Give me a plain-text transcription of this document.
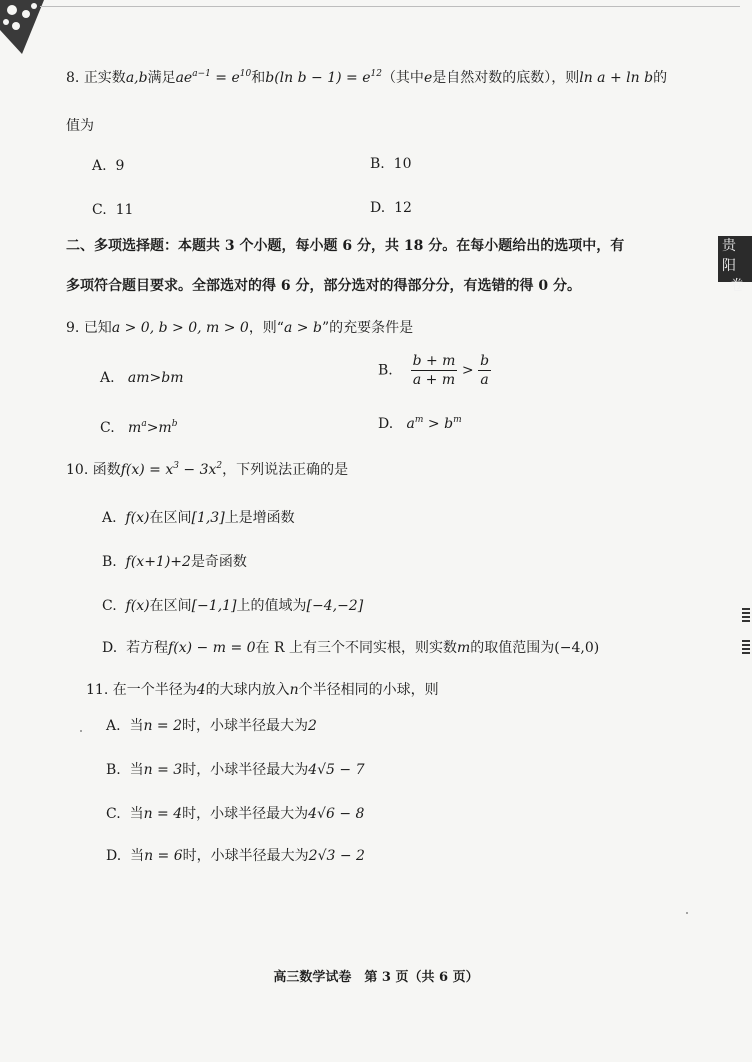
贵阳
卷
8. 正实数a,b满足$ae^{a-1} = e^{10}$和b(ln $b - 1) = e^{12}$（其中e是自然对数的底数），则ln a + ln b的
值为
A. 9	B. 10
C. 11	D. 12
二、多项选择题：本题共 3 个小题，每小题 6 分，共 18 分。在每小题给出的选项中，有
多项符合题目要求。全部选对的得 6 分，部分选对的得部分分，有选错的得 0 分。
9. 已知a > 0, b > 0, m > 0，则“a > b”的充要条件是
A. am>bm	B. $\frac{b + m}{a + m} > \frac{b}{a}$
C. $m^a>m^b$	D. $a^m > b^m$
10. 函数$f(x) = x^3 - 3x^2$，下列说法正确的是
A. f(x)在区间[1,3]上是增函数
B. f(x+1)+2是奇函数
C. f(x)在区间[−1,1]上的值域为[−4,−2]
D. 若方程f(x) − m = 0在 R 上有三个不同实根，则实数m的取值范围为(−4,0)
11. 在一个半径为4的大球内放入n个半径相同的小球，则
A. 当n = 2时，小球半径最大为2
B. 当n = 3时，小球半径最大为4√5 − 7
C. 当n = 4时，小球半径最大为4√6 − 8
D. 当n = 6时，小球半径最大为2√3 − 2
高三数学试卷　第 3 页（共 6 页）
